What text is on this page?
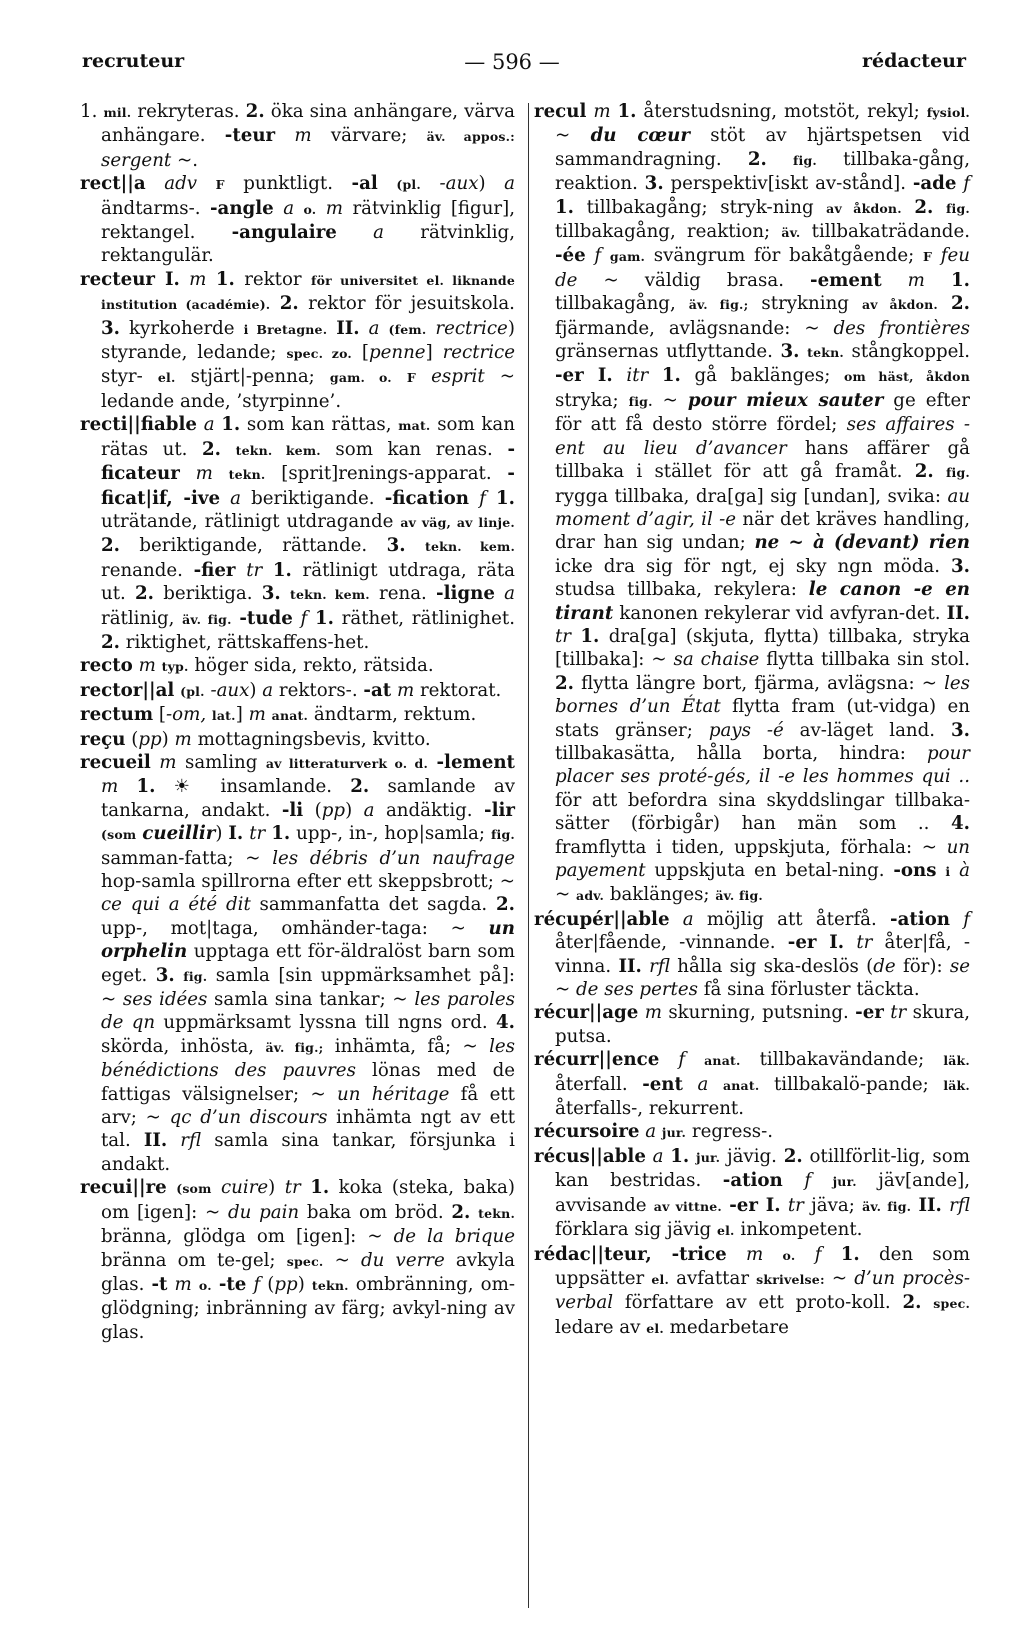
recruteur	— 596 —	rédacteur

1. mil. rekryteras. 2. öka sina anhängare, värva anhängare. -teur m värvare; äv. appos.: sergent ~.

rect||a adv F punktligt. -al (pl. -aux) a ändtarms-. -angle a o. m rätvinklig [figur], rektangel. -angulaire a rätvinklig, rektangulär.

recteur I. m 1. rektor för universitet el. liknande institution (académie). 2. rektor för jesuitskola. 3. kyrkoherde i Bretagne. II. a (fem. rectrice) styrande, ledande; spec. zo. [penne] rectrice styr- el. stjärt|-penna; gam. o. F esprit ~ ledande ande, ’styrpinne’.

recti||fiable a 1. som kan rättas, mat. som kan rätas ut. 2. tekn. kem. som kan renas. -ficateur m tekn. [sprit]renings-apparat. -ficat|if, -ive a beriktigande. -fication f 1. uträtande, rätlinigt utdragande av väg, av linje. 2. beriktigande, rättande. 3. tekn. kem. renande. -fier tr 1. rätlinigt utdraga, räta ut. 2. beriktiga. 3. tekn. kem. rena. -ligne a rätlinig, äv. fig. -tude f 1. räthet, rätlinighet. 2. riktighet, rättskaffens-het.

recto m typ. höger sida, rekto, rätsida.

rector||al (pl. -aux) a rektors-. -at m rektorat.

rectum [-om, lat.] m anat. ändtarm, rektum.

reçu (pp) m mottagningsbevis, kvitto.

recueil m samling av litteraturverk o. d. -lement m 1. ☀ insamlande. 2. samlande av tankarna, andakt. -li (pp) a andäktig. -lir (som cueillir) I. tr 1. upp-, in-, hop|samla; fig. samman-fatta; ~ les débris d’un naufrage hop-samla spillrorna efter ett skeppsbrott; ~ ce qui a été dit sammanfatta det sagda. 2. upp-, mot|taga, omhänder-taga: ~ un orphelin upptaga ett för-äldralöst barn som eget. 3. fig. samla [sin uppmärksamhet på]: ~ ses idées samla sina tankar; ~ les paroles de qn uppmärksamt lyssna till ngns ord. 4. skörda, inhösta, äv. fig.; inhämta, få; ~ les bénédictions des pauvres lönas med de fattigas välsignelser; ~ un héritage få ett arv; ~ qc d’un discours inhämta ngt av ett tal. II. rfl samla sina tankar, försjunka i andakt.

recui||re (som cuire) tr 1. koka (steka, baka) om [igen]: ~ du pain baka om bröd. 2. tekn. bränna, glödga om [igen]: ~ de la brique bränna om te-gel; spec. ~ du verre avkyla glas. -t m o. -te f (pp) tekn. ombränning, om-glödgning; inbränning av färg; avkyl-ning av glas.

recul m 1. återstudsning, motstöt, rekyl; fysiol. ~ du cœur stöt av hjärtspetsen vid sammandragning. 2. fig. tillbaka-gång, reaktion. 3. perspektiv[iskt av-stånd]. -ade f 1. tillbakagång; stryk-ning av åkdon. 2. fig. tillbakagång, reaktion; äv. tillbakaträdande. -ée f gam. svängrum för bakåtgående; F feu de ~ väldig brasa. -ement m 1. tillbakagång, äv. fig.; strykning av åkdon. 2. fjärmande, avlägsnande: ~ des frontières gränsernas utflyttande. 3. tekn. stångkoppel. -er I. itr 1. gå baklänges; om häst, åkdon stryka; fig. ~ pour mieux sauter ge efter för att få desto större fördel; ses affaires -ent au lieu d’avancer hans affärer gå tillbaka i stället för att gå framåt. 2. fig. rygga tillbaka, dra[ga] sig [undan], svika: au moment d’agir, il -e när det kräves handling, drar han sig undan; ne ~ à (devant) rien icke dra sig för ngt, ej sky ngn möda. 3. studsa tillbaka, rekylera: le canon -e en tirant kanonen rekylerar vid avfyran-det. II. tr 1. dra[ga] (skjuta, flytta) tillbaka, stryka [tillbaka]: ~ sa chaise flytta tillbaka sin stol. 2. flytta längre bort, fjärma, avlägsna: ~ les bornes d’un État flytta fram (ut-vidga) en stats gränser; pays -é av-läget land. 3. tillbakasätta, hålla borta, hindra: pour placer ses proté-gés, il -e les hommes qui .. för att befordra sina skyddslingar tillbaka-sätter (förbigår) han män som .. 4. framflytta i tiden, uppskjuta, förhala: ~ un payement uppskjuta en betal-ning. -ons i à ~ adv. baklänges; äv. fig.

récupér||able a möjlig att återfå. -ation f åter|fående, -vinnande. -er I. tr åter|få, -vinna. II. rfl hålla sig ska-deslös (de för): se ~ de ses pertes få sina förluster täckta.

récur||age m skurning, putsning. -er tr skura, putsa.

récurr||ence f anat. tillbakavändande; läk. återfall. -ent a anat. tillbakalö-pande; läk. återfalls-, rekurrent.

récursoire a jur. regress-.

récus||able a 1. jur. jävig. 2. otillförlit-lig, som kan bestridas. -ation f jur. jäv[ande], avvisande av vittne. -er I. tr jäva; äv. fig. II. rfl förklara sig jävig el. inkompetent.

rédac||teur, -trice m o. f 1. den som uppsätter el. avfattar skrivelse: ~ d’un procès-verbal författare av ett proto-koll. 2. spec. ledare av el. medarbetare
